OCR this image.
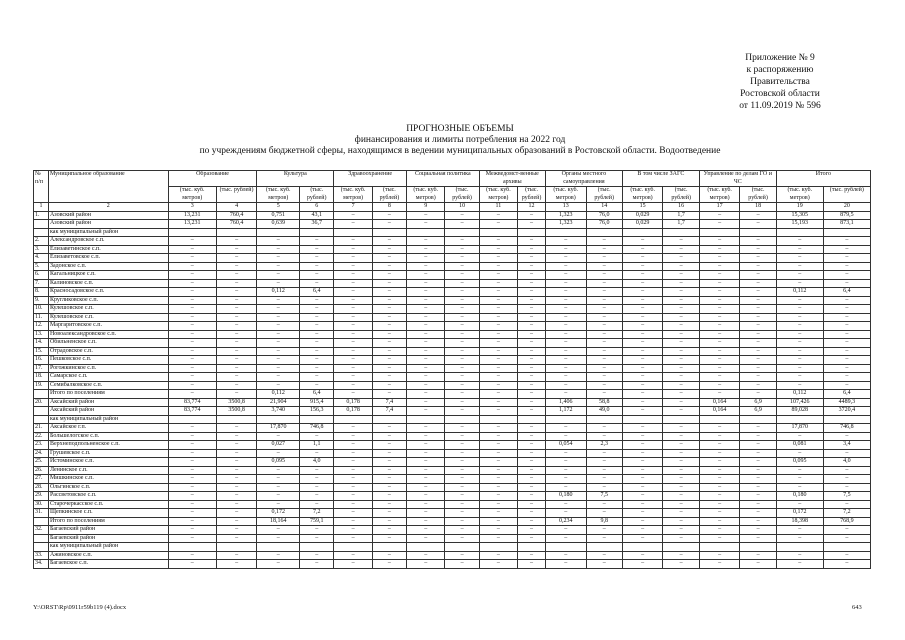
Приложение № 9
к распоряжению
Правительства
Ростовской области
от 11.09.2019 № 596
ПРОГНОЗНЫЕ ОБЪЕМЫ
финансирования и лимиты потребления на 2022 год
по учреждениям бюджетной сферы, находящимся в ведении муниципальных образований в Ростовской области. Водоотведение
№ п/п	Муниципальное образование	Образование		Культура		Здравоохранение		Социальная политика		Межведомст-венные архивы		Органы местного самоуправления		В том числе ЗАГС		Управление по делам ГО и ЧС		Итого	
		(тыс. куб. метров)	(тыс. рублей)	(тыс. куб. метров)	(тыс. рублей)	(тыс. куб. метров)	(тыс. рублей)	(тыс. куб. метров)	(тыс. рублей)	(тыс. куб. метров)	(тыс. рублей)	(тыс. куб. метров)	(тыс. рублей)	(тыс. куб. метров)	(тыс. рублей)	(тыс. куб. метров)	(тыс. рублей)	(тыс. куб. метров)	(тыс. рублей)
1	2	3	4	5	6	7	8	9	10	11	12	13	14	15	16	17	18	19	20
1.	Азовский район	13,231	760,4	0,751	43,1	–	–	–	–	–	–	1,323	76,0	0,029	1,7	–	–	15,305	879,5
	Азовский район	13,231	760,4	0,639	36,7	–	–	–	–	–	–	1,323	76,0	0,029	1,7	–	–	15,193	873,1
	как муниципальный район																		
2.	Александровское с.п.	–	–	–	–	–	–	–	–	–	–	–	–	–	–	–	–	–	–
3.	Елизаветинское с.п.	–	–	–	–	–	–	–	–	–	–	–	–	–	–	–	–	–	–
4.	Елизаветовское с.п.	–	–	–	–	–	–	–	–	–	–	–	–	–	–	–	–	–	–
5.	Задонское с.п.	–	–	–	–	–	–	–	–	–	–	–	–	–	–	–	–	–	–
6.	Кагальницкое с.п.	–	–	–	–	–	–	–	–	–	–	–	–	–	–	–	–	–	–
7.	Калиновское с.п.	–	–	–	–	–	–	–	–	–	–	–	–	–	–	–	–	–	–
8.	Красносадовское с.п.	–	–	0,112	6,4	–	–	–	–	–	–	–	–	–	–	–	–	0,112	6,4
9.	Кругликовское с.п.	–	–	–	–	–	–	–	–	–	–	–	–	–	–	–	–	–	–
10.	Кулешовское с.п.	–	–	–	–	–	–	–	–	–	–	–	–	–	–	–	–	–	–
11.	Кулешовское с.п.	–	–	–	–	–	–	–	–	–	–	–	–	–	–	–	–	–	–
12.	Маргаритовское с.п.	–	–	–	–	–	–	–	–	–	–	–	–	–	–	–	–	–	–
13.	Новоалександровское с.п.	–	–	–	–	–	–	–	–	–	–	–	–	–	–	–	–	–	–
14.	Обильненское с.п.	–	–	–	–	–	–	–	–	–	–	–	–	–	–	–	–	–	–
15.	Отрадовское с.п.	–	–	–	–	–	–	–	–	–	–	–	–	–	–	–	–	–	–
16.	Пешковское с.п.	–	–	–	–	–	–	–	–	–	–	–	–	–	–	–	–	–	–
17.	Рогожкинское с.п.	–	–	–	–	–	–	–	–	–	–	–	–	–	–	–	–	–	–
18.	Самарское с.п.	–	–	–	–	–	–	–	–	–	–	–	–	–	–	–	–	–	–
19.	Семибалковское с.п.	–	–	–	–	–	–	–	–	–	–	–	–	–	–	–	–	–	–
	Итого по поселениям	–	–	0,112	6,4	–	–	–	–	–	–	–	–	–	–	–	–	0,112	6,4
20.	Аксайский район	83,774	3500,8	21,904	915,4	0,178	7,4	–	–	–	–	1,406	58,8	–	–	0,164	6,9	107,426	4489,3
	Аксайский район	83,774	3500,8	3,740	156,3	0,178	7,4	–	–	–	–	1,172	49,0	–	–	0,164	6,9	89,028	3720,4
	как муниципальный район																		
21.	Аксайское г.п.	–	–	17,870	746,8	–	–	–	–	–	–	–	–	–	–	–	–	17,870	746,8
22.	Большелогское с.п.	–	–	–	–	–	–	–	–	–	–	–	–	–	–	–	–	–	–
23.	Верхнеподпольненское с.п.	–	–	0,027	1,1	–	–	–	–	–	–	0,054	2,3	–	–	–	–	0,081	3,4
24.	Грушевское с.п.	–	–	–	–	–	–	–	–	–	–	–	–	–	–	–	–	–	–
25.	Истоминское с.п.	–	–	0,095	4,0	–	–	–	–	–	–	–	–	–	–	–	–	0,095	4,0
26.	Ленинское с.п.	–	–	–	–	–	–	–	–	–	–	–	–	–	–	–	–	–	–
27.	Мишкинское с.п.	–	–	–	–	–	–	–	–	–	–	–	–	–	–	–	–	–	–
28.	Ольгинское с.п.	–	–	–	–	–	–	–	–	–	–	–	–	–	–	–	–	–	–
29.	Рассветовское с.п.	–	–	–	–	–	–	–	–	–	–	0,180	7,5	–	–	–	–	0,180	7,5
30.	Старочеркасское с.п.	–	–	–	–	–	–	–	–	–	–	–	–	–	–	–	–	–	–
31.	Щепкинское с.п.	–	–	0,172	7,2	–	–	–	–	–	–	–	–	–	–	–	–	0,172	7,2
	Итого по поселениям	–	–	18,164	759,1	–	–	–	–	–	–	0,234	9,8	–	–	–	–	18,398	768,9
32.	Багаевский район	–	–	–	–	–	–	–	–	–	–	–	–	–	–	–	–	–	–
	Багаевский район	–	–	–	–	–	–	–	–	–	–	–	–	–	–	–	–	–	–
	как муниципальный район																		
33.	Ажиновское с.п.	–	–	–	–	–	–	–	–	–	–	–	–	–	–	–	–	–	–
34.	Багаевское с.п.	–	–	–	–	–	–	–	–	–	–	–	–	–	–	–	–	–	–
Y:\ORST\Rp\0911r59b119 (4).docx	643
